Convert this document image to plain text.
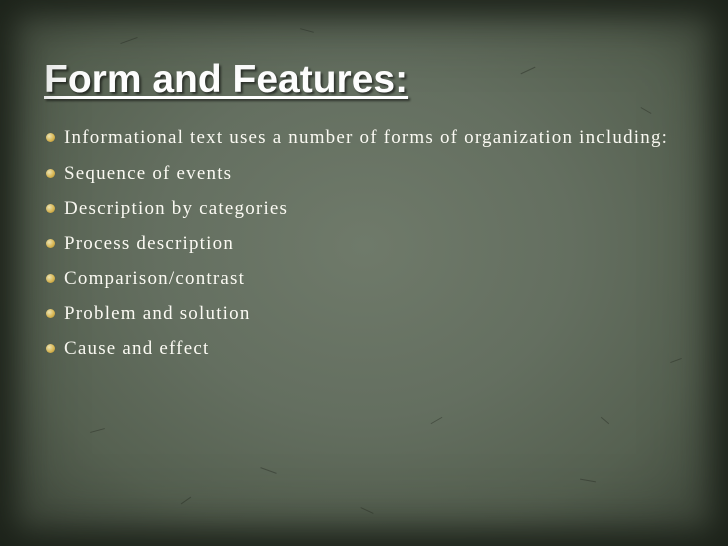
Form and Features:
Informational text uses a number of forms of organization including:
Sequence of events
Description by categories
Process description
Comparison/contrast
Problem and solution
Cause and effect
